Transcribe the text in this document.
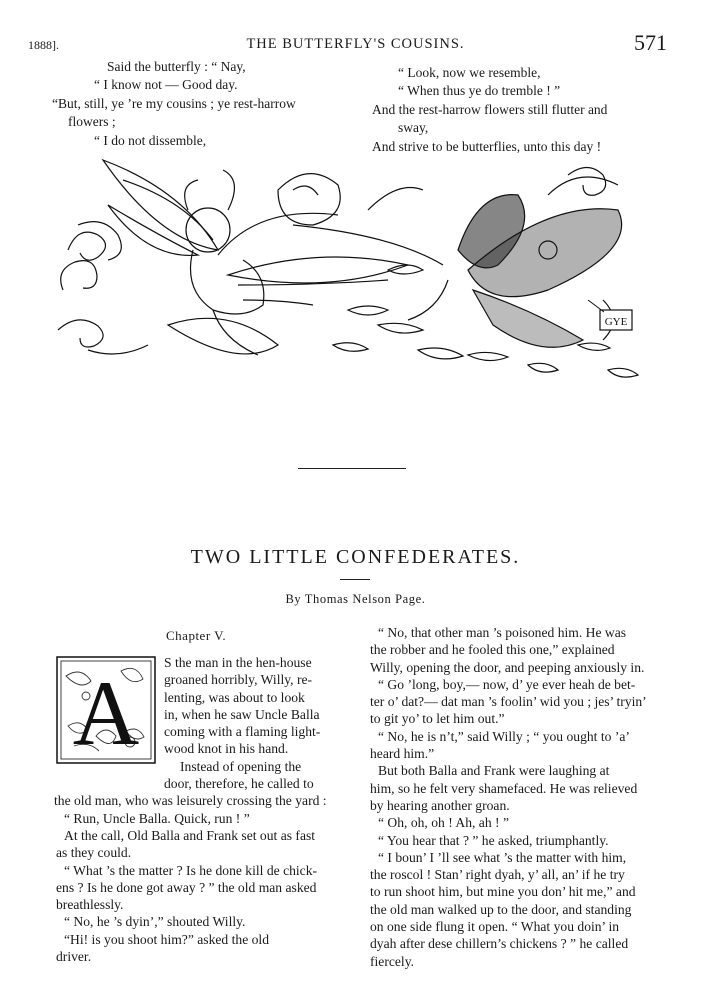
1888].	THE BUTTERFLY'S COUSINS.	571
Said the butterfly : “ Nay,
“ I know not — Good day.
“But, still, ye ’re my cousins ; ye rest-harrow
flowers ;
“ I do not dissemble,
“ Look, now we resemble,
“ When thus ye do tremble ! ”
And the rest-harrow flowers still flutter and
sway,
And strive to be butterflies, unto this day !
GYE
TWO LITTLE CONFEDERATES.
By Thomas Nelson Page.
Chapter V.
A	S the man in the hen-house
groaned horribly, Willy, re-
lenting, was about to look
in, when he saw Uncle Balla
coming with a flaming light-
wood knot in his hand.
Instead of opening the
door, therefore, he called to
the old man, who was leisurely crossing the yard :
“ Run, Uncle Balla. Quick, run ! ”
At the call, Old Balla and Frank set out as fast
as they could.
“ What ’s the matter ? Is he done kill de chick-
ens ? Is he done got away ? ” the old man asked
breathlessly.
“ No, he ’s dyin’,” shouted Willy.
“Hi! is you shoot him?” asked the old
driver.
“ No, that other man ’s poisoned him. He was
the robber and he fooled this one,” explained
Willy, opening the door, and peeping anxiously in.
“ Go ’long, boy,— now, d’ ye ever heah de bet-
ter o’ dat?— dat man ’s foolin’ wid you ; jes’ tryin’
to git yo’ to let him out.”
“ No, he is n’t,” said Willy ; “ you ought to ’a’
heard him.”
But both Balla and Frank were laughing at
him, so he felt very shamefaced. He was relieved
by hearing another groan.
“ Oh, oh, oh ! Ah, ah ! ”
“ You hear that ? ” he asked, triumphantly.
“ I boun’ I ’ll see what ’s the matter with him,
the roscol ! Stan’ right dyah, y’ all, an’ if he try
to run shoot him, but mine you don’ hit me,” and
the old man walked up to the door, and standing
on one side flung it open. “ What you doin’ in
dyah after dese chillern’s chickens ? ” he called
fiercely.
